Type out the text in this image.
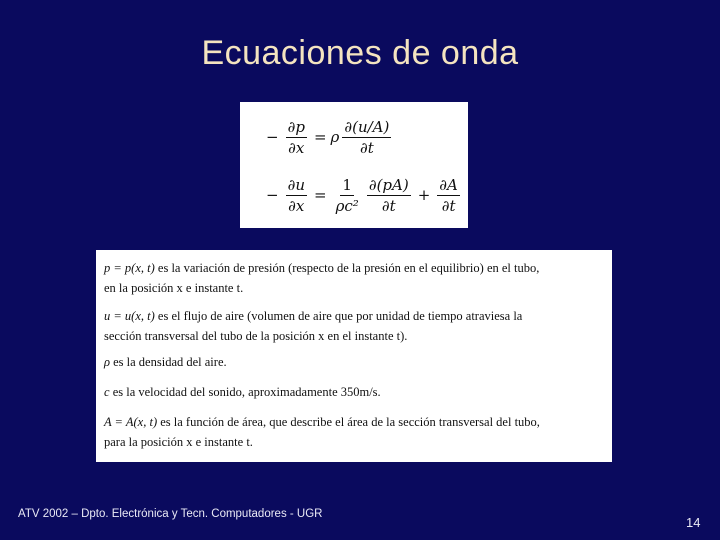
Ecuaciones de onda
− $\frac{\partial p}{\partial x} = \rho \frac{\partial(u/A)}{\partial t}$
− $\frac{\partial u}{\partial x} = \frac{1}{\text{ρc²}} \frac{\partial(pA)}{\partial t} + \frac{\partial A}{\partial t}$
p = p(x, t) es la variación de presión (respecto de la presión en el equilibrio) en el tubo,
en la posición x e instante t.
u = u(x, t) es el flujo de aire (volumen de aire que por unidad de tiempo atraviesa la
sección transversal del tubo de la posición x en el instante t).
ρ es la densidad del aire.
c es la velocidad del sonido, aproximadamente 350m/s.
A = A(x, t) es la función de área, que describe el área de la sección transversal del tubo,
para la posición x e instante t.
ATV 2002 – Dpto. Electrónica y Tecn. Computadores - UGR
14
